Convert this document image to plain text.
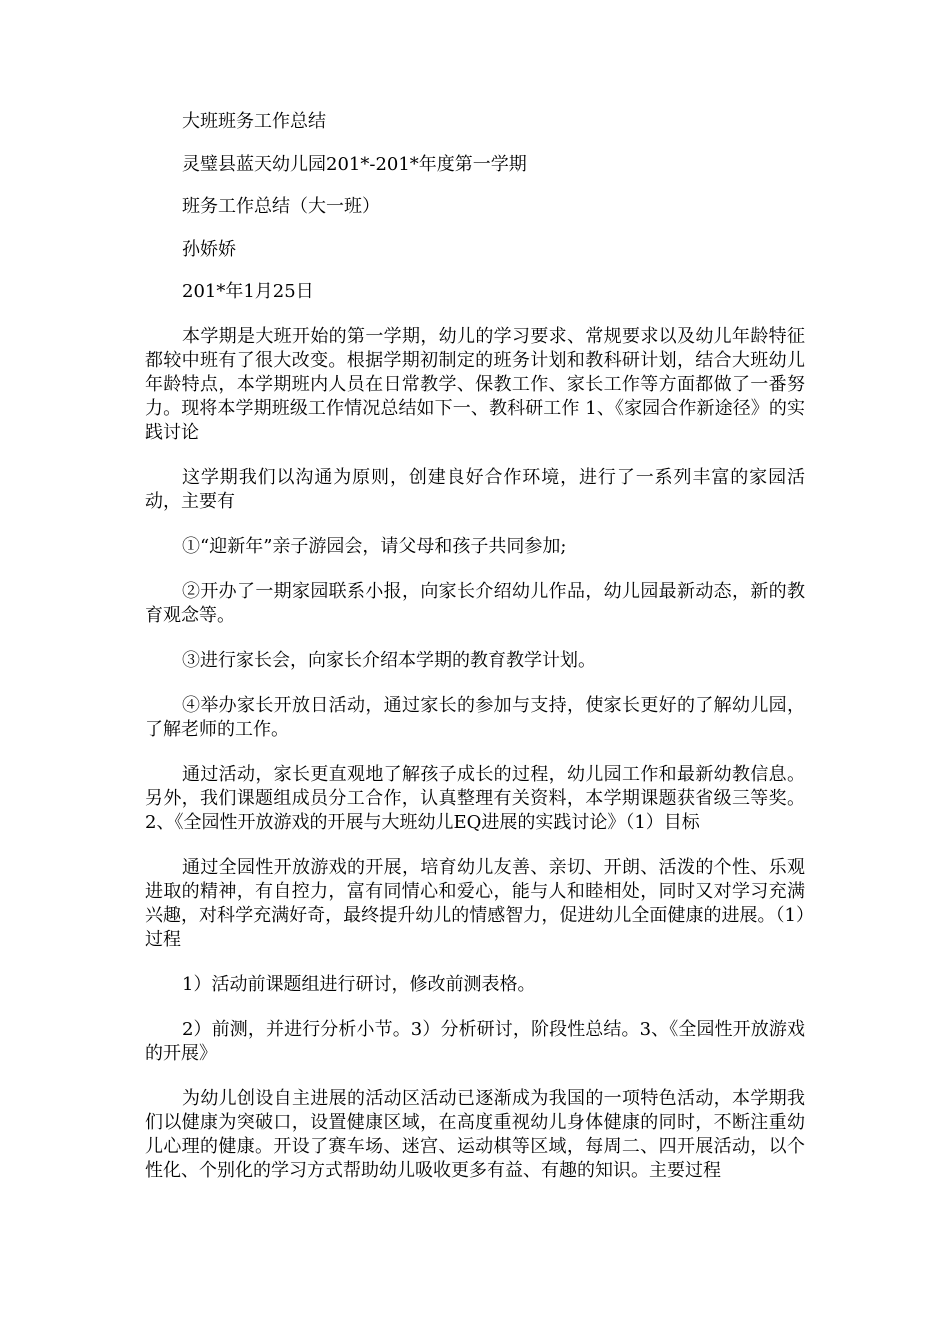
大班班务工作总结
灵璧县蓝天幼儿园201*-201*年度第一学期
班务工作总结（大一班）
孙娇娇
201*年1月25日

本学期是大班开始的第一学期，幼儿的学习要求、常规要求以及幼儿年龄特征都较中班有了很大改变。根据学期初制定的班务计划和教科研计划，结合大班幼儿年龄特点，本学期班内人员在日常教学、保教工作、家长工作等方面都做了一番努力。现将本学期班级工作情况总结如下一、教科研工作 1、《家园合作新途径》的实践讨论

这学期我们以沟通为原则，创建良好合作环境，进行了一系列丰富的家园活动，主要有

①“迎新年”亲子游园会，请父母和孩子共同参加;

②开办了一期家园联系小报，向家长介绍幼儿作品，幼儿园最新动态，新的教育观念等。

③进行家长会，向家长介绍本学期的教育教学计划。

④举办家长开放日活动，通过家长的参加与支持，使家长更好的了解幼儿园，了解老师的工作。

通过活动，家长更直观地了解孩子成长的过程，幼儿园工作和最新幼教信息。另外，我们课题组成员分工合作，认真整理有关资料，本学期课题获省级三等奖。2、《全园性开放游戏的开展与大班幼儿EQ进展的实践讨论》（1）目标

通过全园性开放游戏的开展，培育幼儿友善、亲切、开朗、活泼的个性、乐观进取的精神，有自控力，富有同情心和爱心，能与人和睦相处，同时又对学习充满兴趣，对科学充满好奇，最终提升幼儿的情感智力，促进幼儿全面健康的进展。（1）过程

1）活动前课题组进行研讨，修改前测表格。

2）前测，并进行分析小节。3）分析研讨，阶段性总结。3、《全园性开放游戏的开展》

为幼儿创设自主进展的活动区活动已逐渐成为我国的一项特色活动，本学期我们以健康为突破口，设置健康区域，在高度重视幼儿身体健康的同时，不断注重幼儿心理的健康。开设了赛车场、迷宫、运动棋等区域，每周二、四开展活动，以个性化、个别化的学习方式帮助幼儿吸收更多有益、有趣的知识。主要过程
